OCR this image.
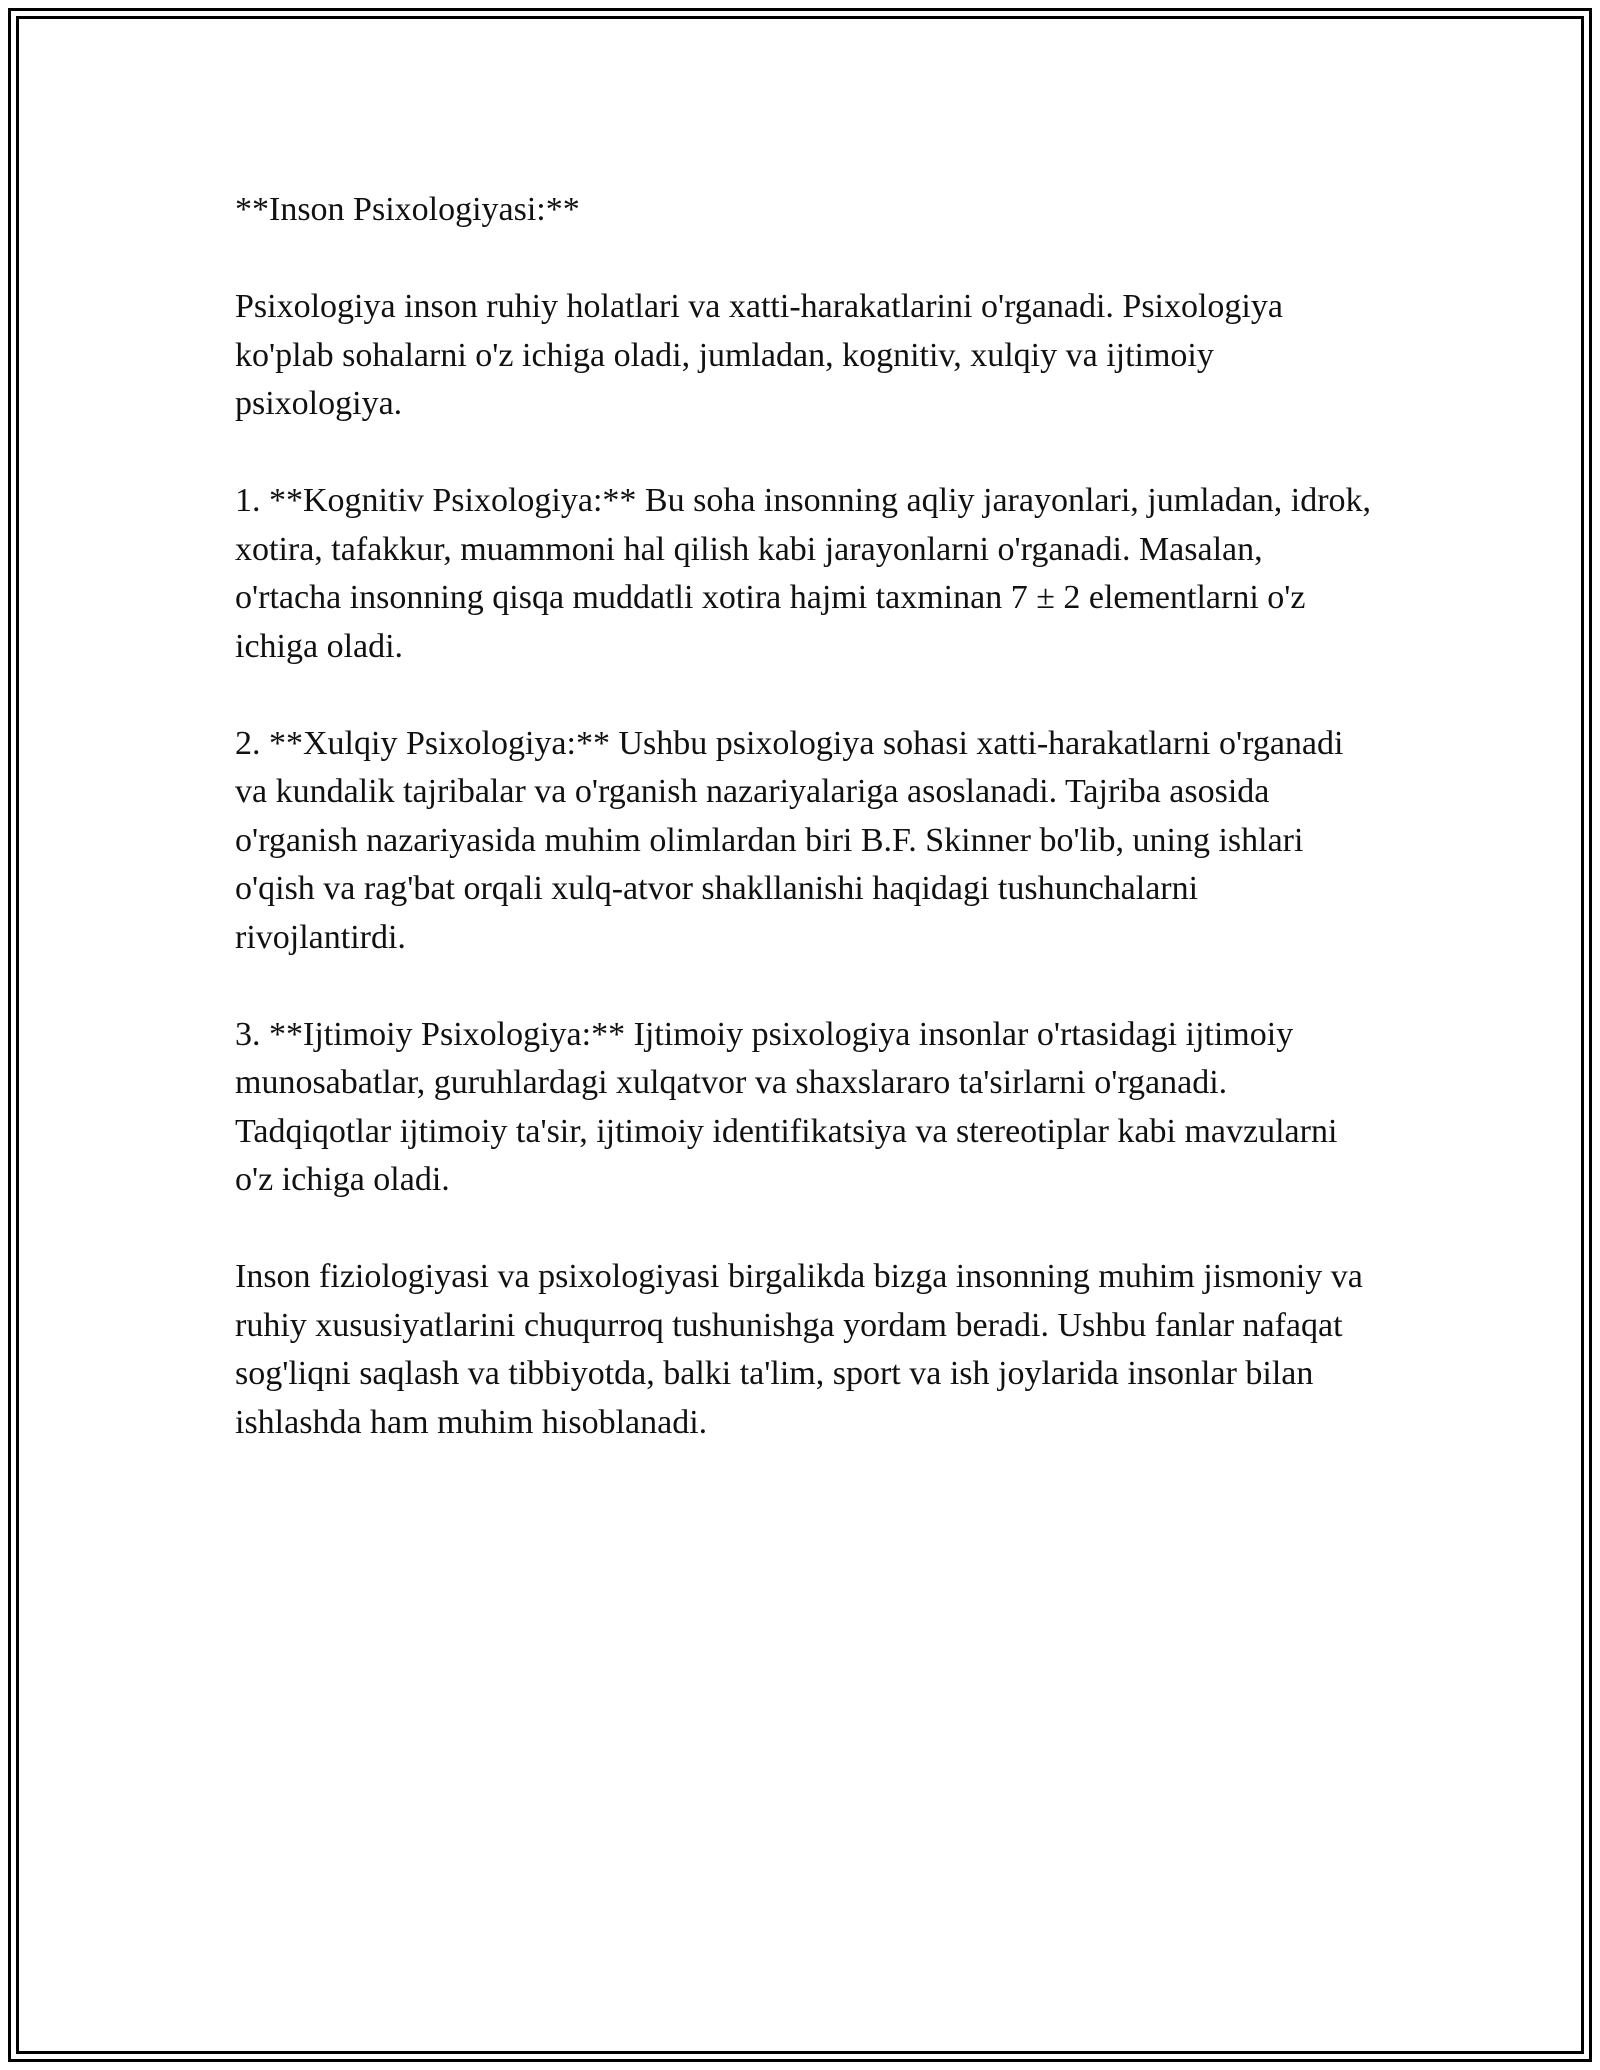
**Inson Psixologiyasi:**

Psixologiya inson ruhiy holatlari va xatti-harakatlarini o'rganadi. Psixologiya ko'plab sohalarni o'z ichiga oladi, jumladan, kognitiv, xulqiy va ijtimoiy psixologiya.

1. **Kognitiv Psixologiya:** Bu soha insonning aqliy jarayonlari, jumladan, idrok, xotira, tafakkur, muammoni hal qilish kabi jarayonlarni o'rganadi. Masalan, o'rtacha insonning qisqa muddatli xotira hajmi taxminan 7 ± 2 elementlarni o'z ichiga oladi.

2. **Xulqiy Psixologiya:** Ushbu psixologiya sohasi xatti-harakatlarni o'rganadi va kundalik tajribalar va o'rganish nazariyalariga asoslanadi. Tajriba asosida o'rganish nazariyasida muhim olimlardan biri B.F. Skinner bo'lib, uning ishlari o'qish va rag'bat orqali xulq-atvor shakllanishi haqidagi tushunchalarni rivojlantirdi.

3. **Ijtimoiy Psixologiya:** Ijtimoiy psixologiya insonlar o'rtasidagi ijtimoiy munosabatlar, guruhlardagi xulqatvor va shaxslararo ta'sirlarni o'rganadi. Tadqiqotlar ijtimoiy ta'sir, ijtimoiy identifikatsiya va stereotiplar kabi mavzularni o'z ichiga oladi.

Inson fiziologiyasi va psixologiyasi birgalikda bizga insonning muhim jismoniy va ruhiy xususiyatlarini chuqurroq tushunishga yordam beradi. Ushbu fanlar nafaqat sog'liqni saqlash va tibbiyotda, balki ta'lim, sport va ish joylarida insonlar bilan ishlashda ham muhim hisoblanadi.
